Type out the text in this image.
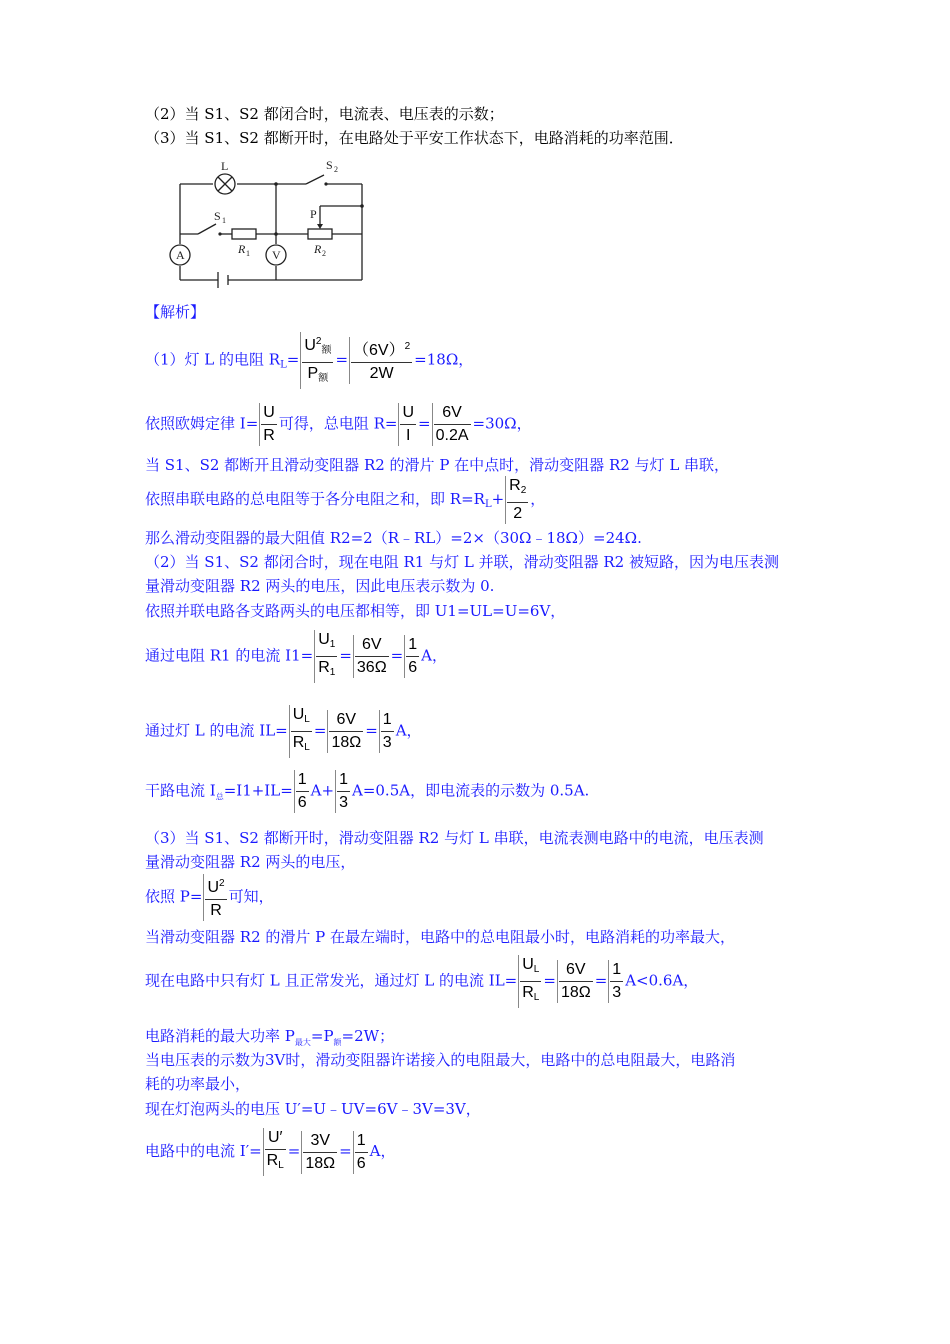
（2）当 S1、S2 都闭合时，电流表、电压表的示数；
（3）当 S1、S2 都断开时，在电路处于平安工作状态下，电路消耗的功率范围．
L	S 2
S 1	P
R 1	R 2
A	V
【解析】
（1）灯 L 的电阻 $R_L= \frac{U^2_额}{P_额} = \frac{(6V)^2}{2W} =18\Omega$，
依照欧姆定律 $I= \frac{U}{R}$ 可得，总电阻 $R= \frac{U}{I} = \frac{6V}{0.2A} =30\Omega$，
当 S1、S2 都断开且滑动变阻器 R2 的滑片 P 在中点时，滑动变阻器 R2 与灯 L 串联，
依照串联电路的总电阻等于各分电阻之和，即 $R=R_L+ \frac{R_2}{2}$ ，
那么滑动变阻器的最大阻值 R2=2（R﹣RL）=2×（30Ω﹣18Ω）=24Ω.
（2）当 S1、S2 都闭合时，现在电阻 R1 与灯 L 并联，滑动变阻器 R2 被短路，因为电压表测
量滑动变阻器 R2 两头的电压，因此电压表示数为 0.
依照并联电路各支路两头的电压都相等，即 U1=UL=U=6V，
通过电阻 R1 的电流 $I1= \frac{U_1}{R_1} = \frac{6V}{36\Omega} = \frac{1}{6}$ A，
通过灯 L 的电流 $IL= \frac{U_L}{R_L} = \frac{6V}{18\Omega} = \frac{1}{3}$ A，
干路电流 $I_总=I1+IL= \frac{1}{6} A+ \frac{1}{3} A=0.5A$，即电流表的示数为 0.5A.
（3）当 S1、S2 都断开时，滑动变阻器 R2 与灯 L 串联，电流表测电路中的电流，电压表测
量滑动变阻器 R2 两头的电压，
依照 $P= \frac{U^2}{R}$ 可知，
当滑动变阻器 R2 的滑片 P 在最左端时，电路中的总电阻最小时，电路消耗的功率最大，
现在电路中只有灯 L 且正常发光，通过灯 L 的电流 $IL= \frac{U_L}{R_L} = \frac{6V}{18\Omega} = \frac{1}{3} A<0.6A$，
电路消耗的最大功率 $P_{最大}=P_额=2W$；
当电压表的示数为3V时，滑动变阻器许诺接入的电阻最大，电路中的总电阻最大，电路消
耗的功率最小，
现在灯泡两头的电压 U′=U﹣UV=6V﹣3V=3V，
电路中的电流 $I'= \frac{U'}{R_L} = \frac{3V}{18\Omega} = \frac{1}{6}$ A，
